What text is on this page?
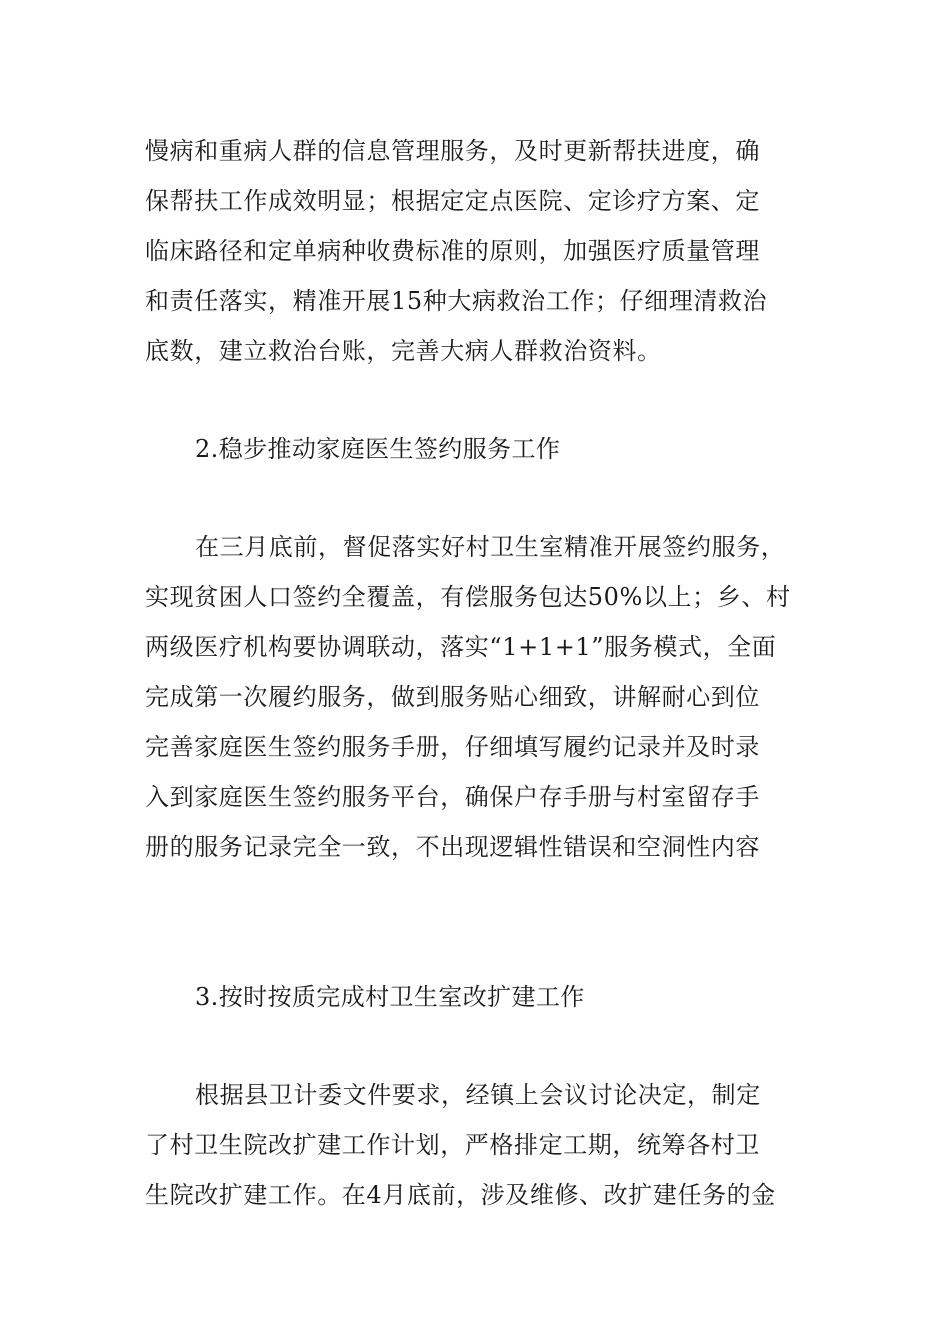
慢病和重病人群的信息管理服务，及时更新帮扶进度，确
保帮扶工作成效明显；根据定定点医院、定诊疗方案、定
临床路径和定单病种收费标准的原则，加强医疗质量管理
和责任落实，精准开展15种大病救治工作；仔细理清救治
底数，建立救治台账，完善大病人群救治资料。
2.稳步推动家庭医生签约服务工作
在三月底前，督促落实好村卫生室精准开展签约服务，
实现贫困人口签约全覆盖，有偿服务包达50%以上；乡、村
两级医疗机构要协调联动，落实“1+1+1”服务模式，全面
完成第一次履约服务，做到服务贴心细致，讲解耐心到位
完善家庭医生签约服务手册，仔细填写履约记录并及时录
入到家庭医生签约服务平台，确保户存手册与村室留存手
册的服务记录完全一致，不出现逻辑性错误和空洞性内容
3.按时按质完成村卫生室改扩建工作
根据县卫计委文件要求，经镇上会议讨论决定，制定
了村卫生院改扩建工作计划，严格排定工期，统筹各村卫
生院改扩建工作。在4月底前，涉及维修、改扩建任务的金
